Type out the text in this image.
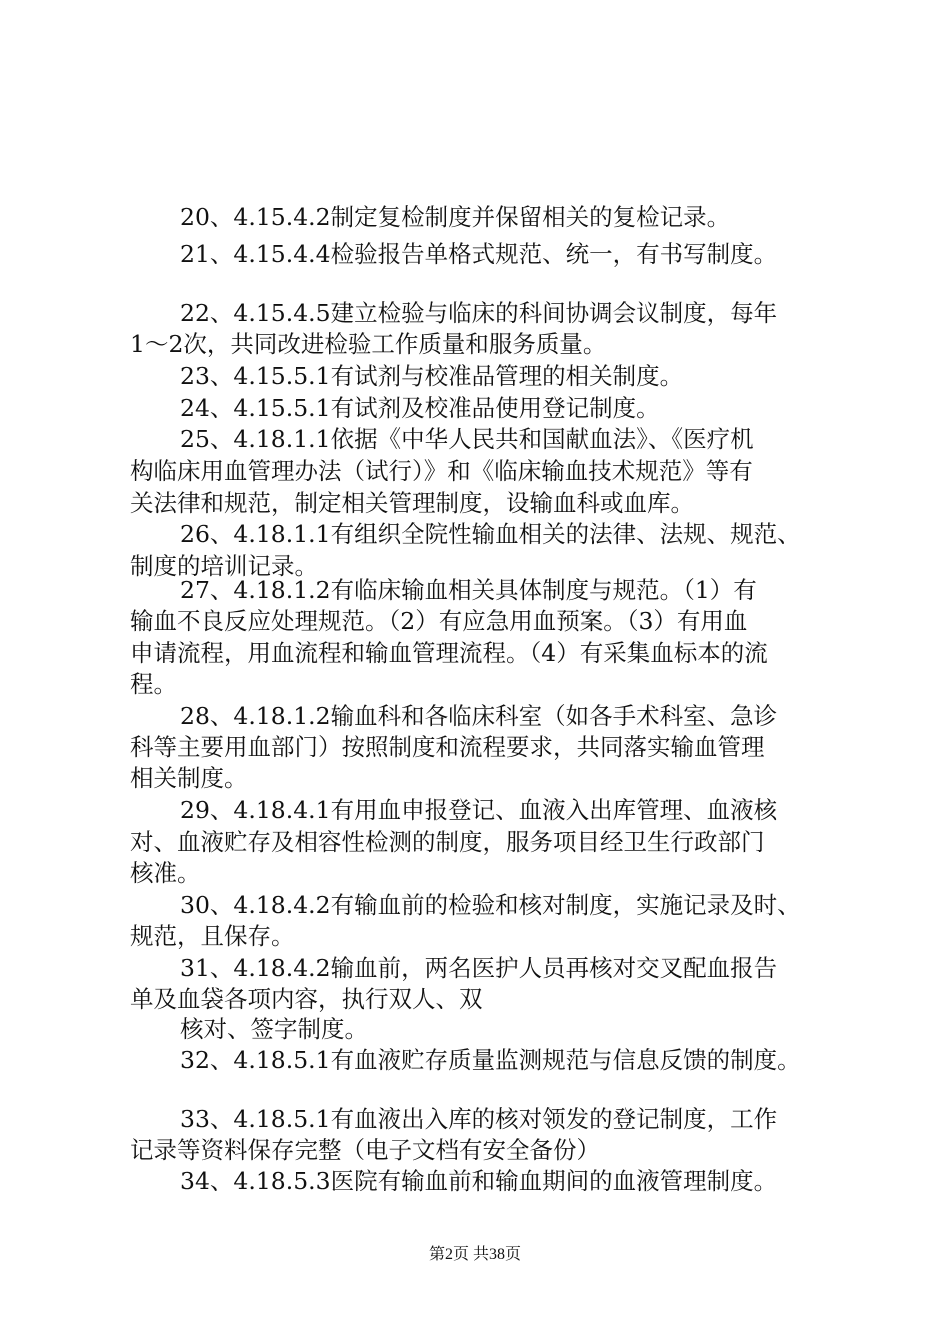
20、4.15.4.2制定复检制度并保留相关的复检记录。
21、4.15.4.4检验报告单格式规范、统一，有书写制度。
22、4.15.4.5建立检验与临床的科间协调会议制度，每年
1～2次，共同改进检验工作质量和服务质量。
23、4.15.5.1有试剂与校准品管理的相关制度。
24、4.15.5.1有试剂及校准品使用登记制度。
25、4.18.1.1依据《中华人民共和国献血法》、《医疗机
构临床用血管理办法（试行）》和《临床输血技术规范》等有
关法律和规范，制定相关管理制度，设输血科或血库。
26、4.18.1.1有组织全院性输血相关的法律、法规、规范、
制度的培训记录。
27、4.18.1.2有临床输血相关具体制度与规范。（1）有
输血不良反应处理规范。（2）有应急用血预案。（3）有用血
申请流程，用血流程和输血管理流程。（4）有采集血标本的流
程。
28、4.18.1.2输血科和各临床科室（如各手术科室、急诊
科等主要用血部门）按照制度和流程要求，共同落实输血管理
相关制度。
29、4.18.4.1有用血申报登记、血液入出库管理、血液核
对、血液贮存及相容性检测的制度，服务项目经卫生行政部门
核准。
30、4.18.4.2有输血前的检验和核对制度，实施记录及时、
规范，且保存。
31、4.18.4.2输血前，两名医护人员再核对交叉配血报告
单及血袋各项内容，执行双人、双
核对、签字制度。
32、4.18.5.1有血液贮存质量监测规范与信息反馈的制度。
33、4.18.5.1有血液出入库的核对领发的登记制度，工作
记录等资料保存完整（电子文档有安全备份）
34、4.18.5.3医院有输血前和输血期间的血液管理制度。
第2页 共38页
